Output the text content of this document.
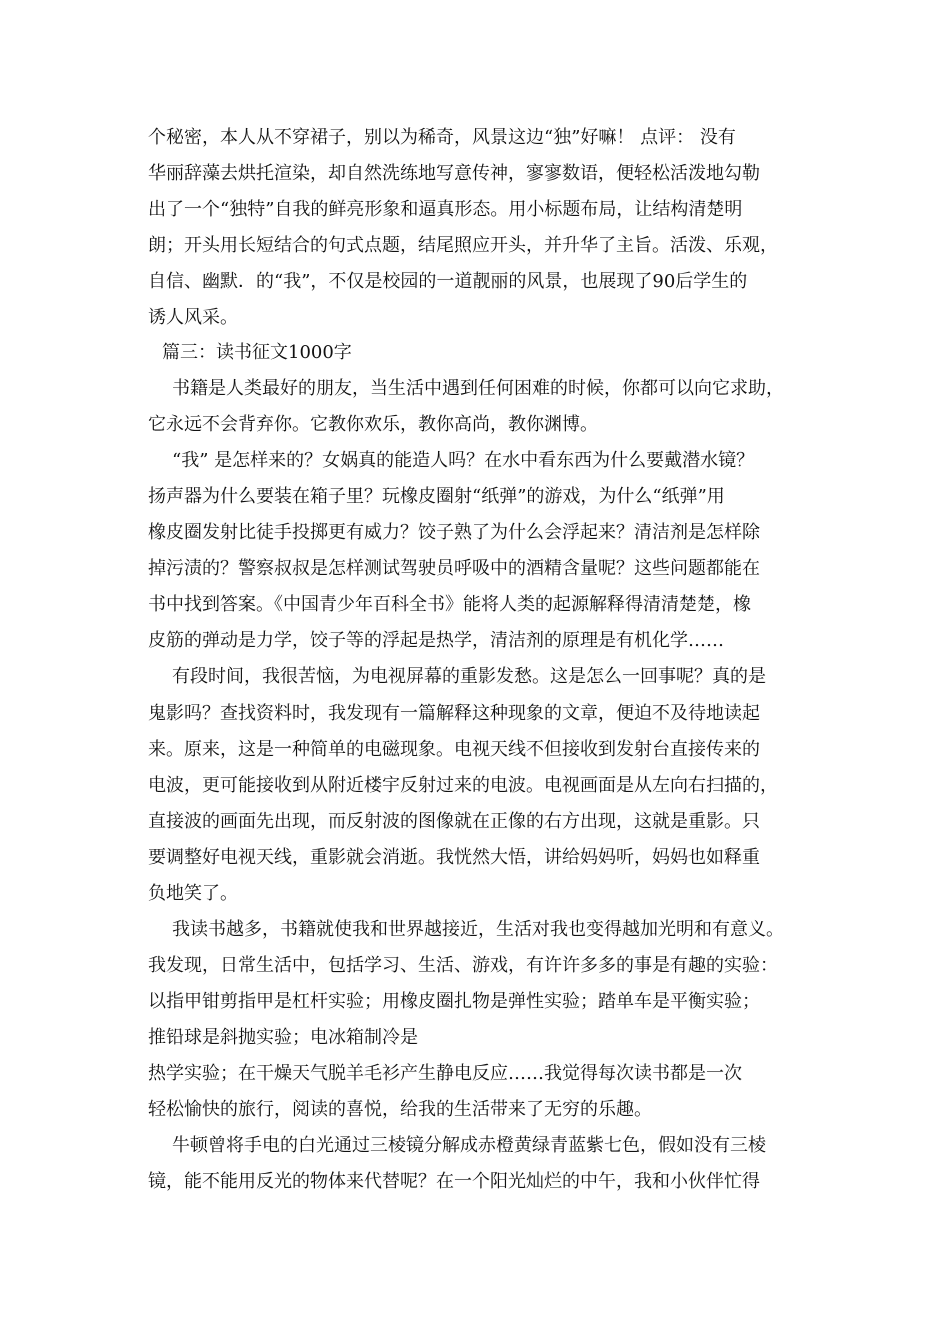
个秘密，本人从不穿裙子，别以为稀奇，风景这边“独”好嘛！ 点评： 没有

华丽辞藻去烘托渲染，却自然洗练地写意传神，寥寥数语，便轻松活泼地勾勒

出了一个“独特”自我的鲜亮形象和逼真形态。用小标题布局，让结构清楚明

朗；开头用长短结合的句式点题，结尾照应开头，并升华了主旨。活泼、乐观，

自信、幽默．的“我”，不仅是校园的一道靓丽的风景，也展现了90后学生的

诱人风采。

篇三：读书征文1000字

书籍是人类最好的朋友，当生活中遇到任何困难的时候，你都可以向它求助，

它永远不会背弃你。它教你欢乐，教你高尚，教你渊博。

“我” 是怎样来的？女娲真的能造人吗？在水中看东西为什么要戴潜水镜？

扬声器为什么要装在箱子里？玩橡皮圈射“纸弹”的游戏，为什么“纸弹”用

橡皮圈发射比徒手投掷更有威力？饺子熟了为什么会浮起来？清洁剂是怎样除

掉污渍的？警察叔叔是怎样测试驾驶员呼吸中的酒精含量呢？这些问题都能在

书中找到答案。《中国青少年百科全书》能将人类的起源解释得清清楚楚，橡

皮筋的弹动是力学，饺子等的浮起是热学，清洁剂的原理是有机化学……

有段时间，我很苦恼，为电视屏幕的重影发愁。这是怎么一回事呢？真的是

鬼影吗？查找资料时，我发现有一篇解释这种现象的文章，便迫不及待地读起

来。原来，这是一种简单的电磁现象。电视天线不但接收到发射台直接传来的

电波，更可能接收到从附近楼宇反射过来的电波。电视画面是从左向右扫描的，

直接波的画面先出现，而反射波的图像就在正像的右方出现，这就是重影。只

要调整好电视天线，重影就会消逝。我恍然大悟，讲给妈妈听，妈妈也如释重

负地笑了。

我读书越多，书籍就使我和世界越接近，生活对我也变得越加光明和有意义。

我发现，日常生活中，包括学习、生活、游戏，有许许多多的事是有趣的实验：

以指甲钳剪指甲是杠杆实验；用橡皮圈扎物是弹性实验；踏单车是平衡实验；

推铅球是斜抛实验；电冰箱制冷是

热学实验；在干燥天气脱羊毛衫产生静电反应……我觉得每次读书都是一次

轻松愉快的旅行，阅读的喜悦，给我的生活带来了无穷的乐趣。

牛顿曾将手电的白光通过三棱镜分解成赤橙黄绿青蓝紫七色，假如没有三棱

镜，能不能用反光的物体来代替呢？在一个阳光灿烂的中午，我和小伙伴忙得
